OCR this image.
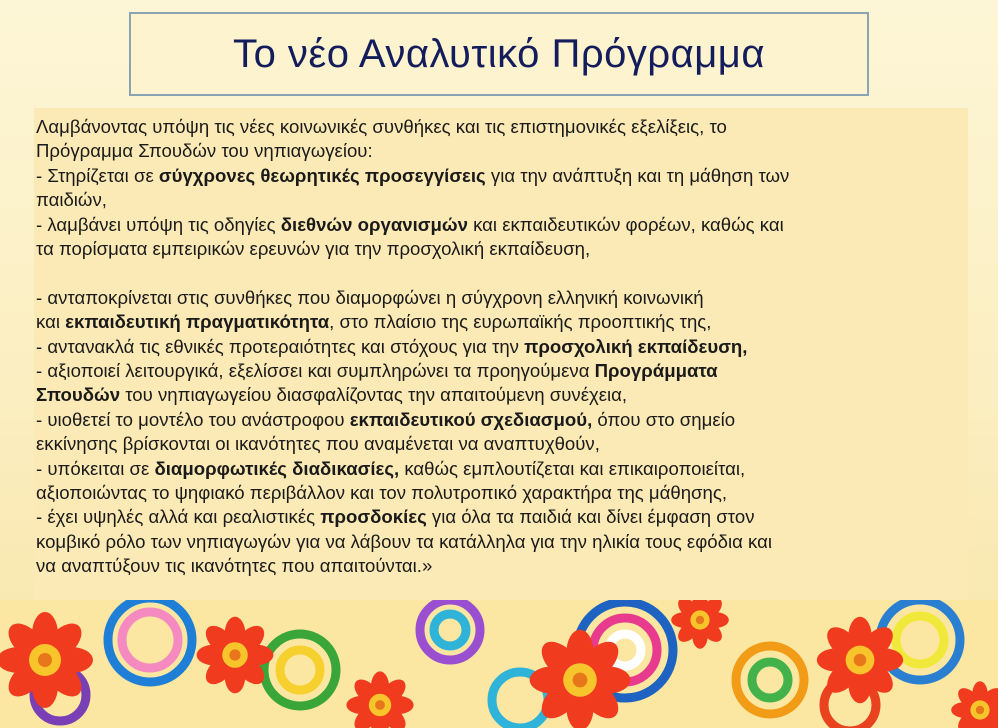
Το νέο Αναλυτικό Πρόγραμμα

Λαμβάνοντας υπόψη τις νέες κοινωνικές συνθήκες και τις επιστημονικές εξελίξεις, το

Πρόγραμμα Σπουδών του νηπιαγωγείου:

- Στηρίζεται σε σύγχρονες θεωρητικές προσεγγίσεις για την ανάπτυξη και τη μάθηση των

παιδιών,

- λαμβάνει υπόψη τις οδηγίες διεθνών οργανισμών και εκπαιδευτικών φορέων, καθώς και

τα πορίσματα εμπειρικών ερευνών για την προσχολική εκπαίδευση,

- ανταποκρίνεται στις συνθήκες που διαμορφώνει η σύγχρονη ελληνική κοινωνική

και εκπαιδευτική πραγματικότητα, στο πλαίσιο της ευρωπαϊκής προοπτικής της,

- αντανακλά τις εθνικές προτεραιότητες και στόχους για την προσχολική εκπαίδευση,

- αξιοποιεί λειτουργικά, εξελίσσει και συμπληρώνει τα προηγούμενα Προγράμματα

Σπουδών του νηπιαγωγείου διασφαλίζοντας την απαιτούμενη συνέχεια,

- υιοθετεί το μοντέλο του ανάστροφου εκπαιδευτικού σχεδιασμού, όπου στο σημείο

εκκίνησης βρίσκονται οι ικανότητες που αναμένεται να αναπτυχθούν,

- υπόκειται σε διαμορφωτικές διαδικασίες, καθώς εμπλουτίζεται και επικαιροποιείται,

αξιοποιώντας το ψηφιακό περιβάλλον και τον πολυτροπικό χαρακτήρα της μάθησης,

- έχει υψηλές αλλά και ρεαλιστικές προσδοκίες για όλα τα παιδιά και δίνει έμφαση στον

κομβικό ρόλο των νηπιαγωγών για να λάβουν τα κατάλληλα για την ηλικία τους εφόδια και

να αναπτύξουν τις ικανότητες που απαιτούνται.»
